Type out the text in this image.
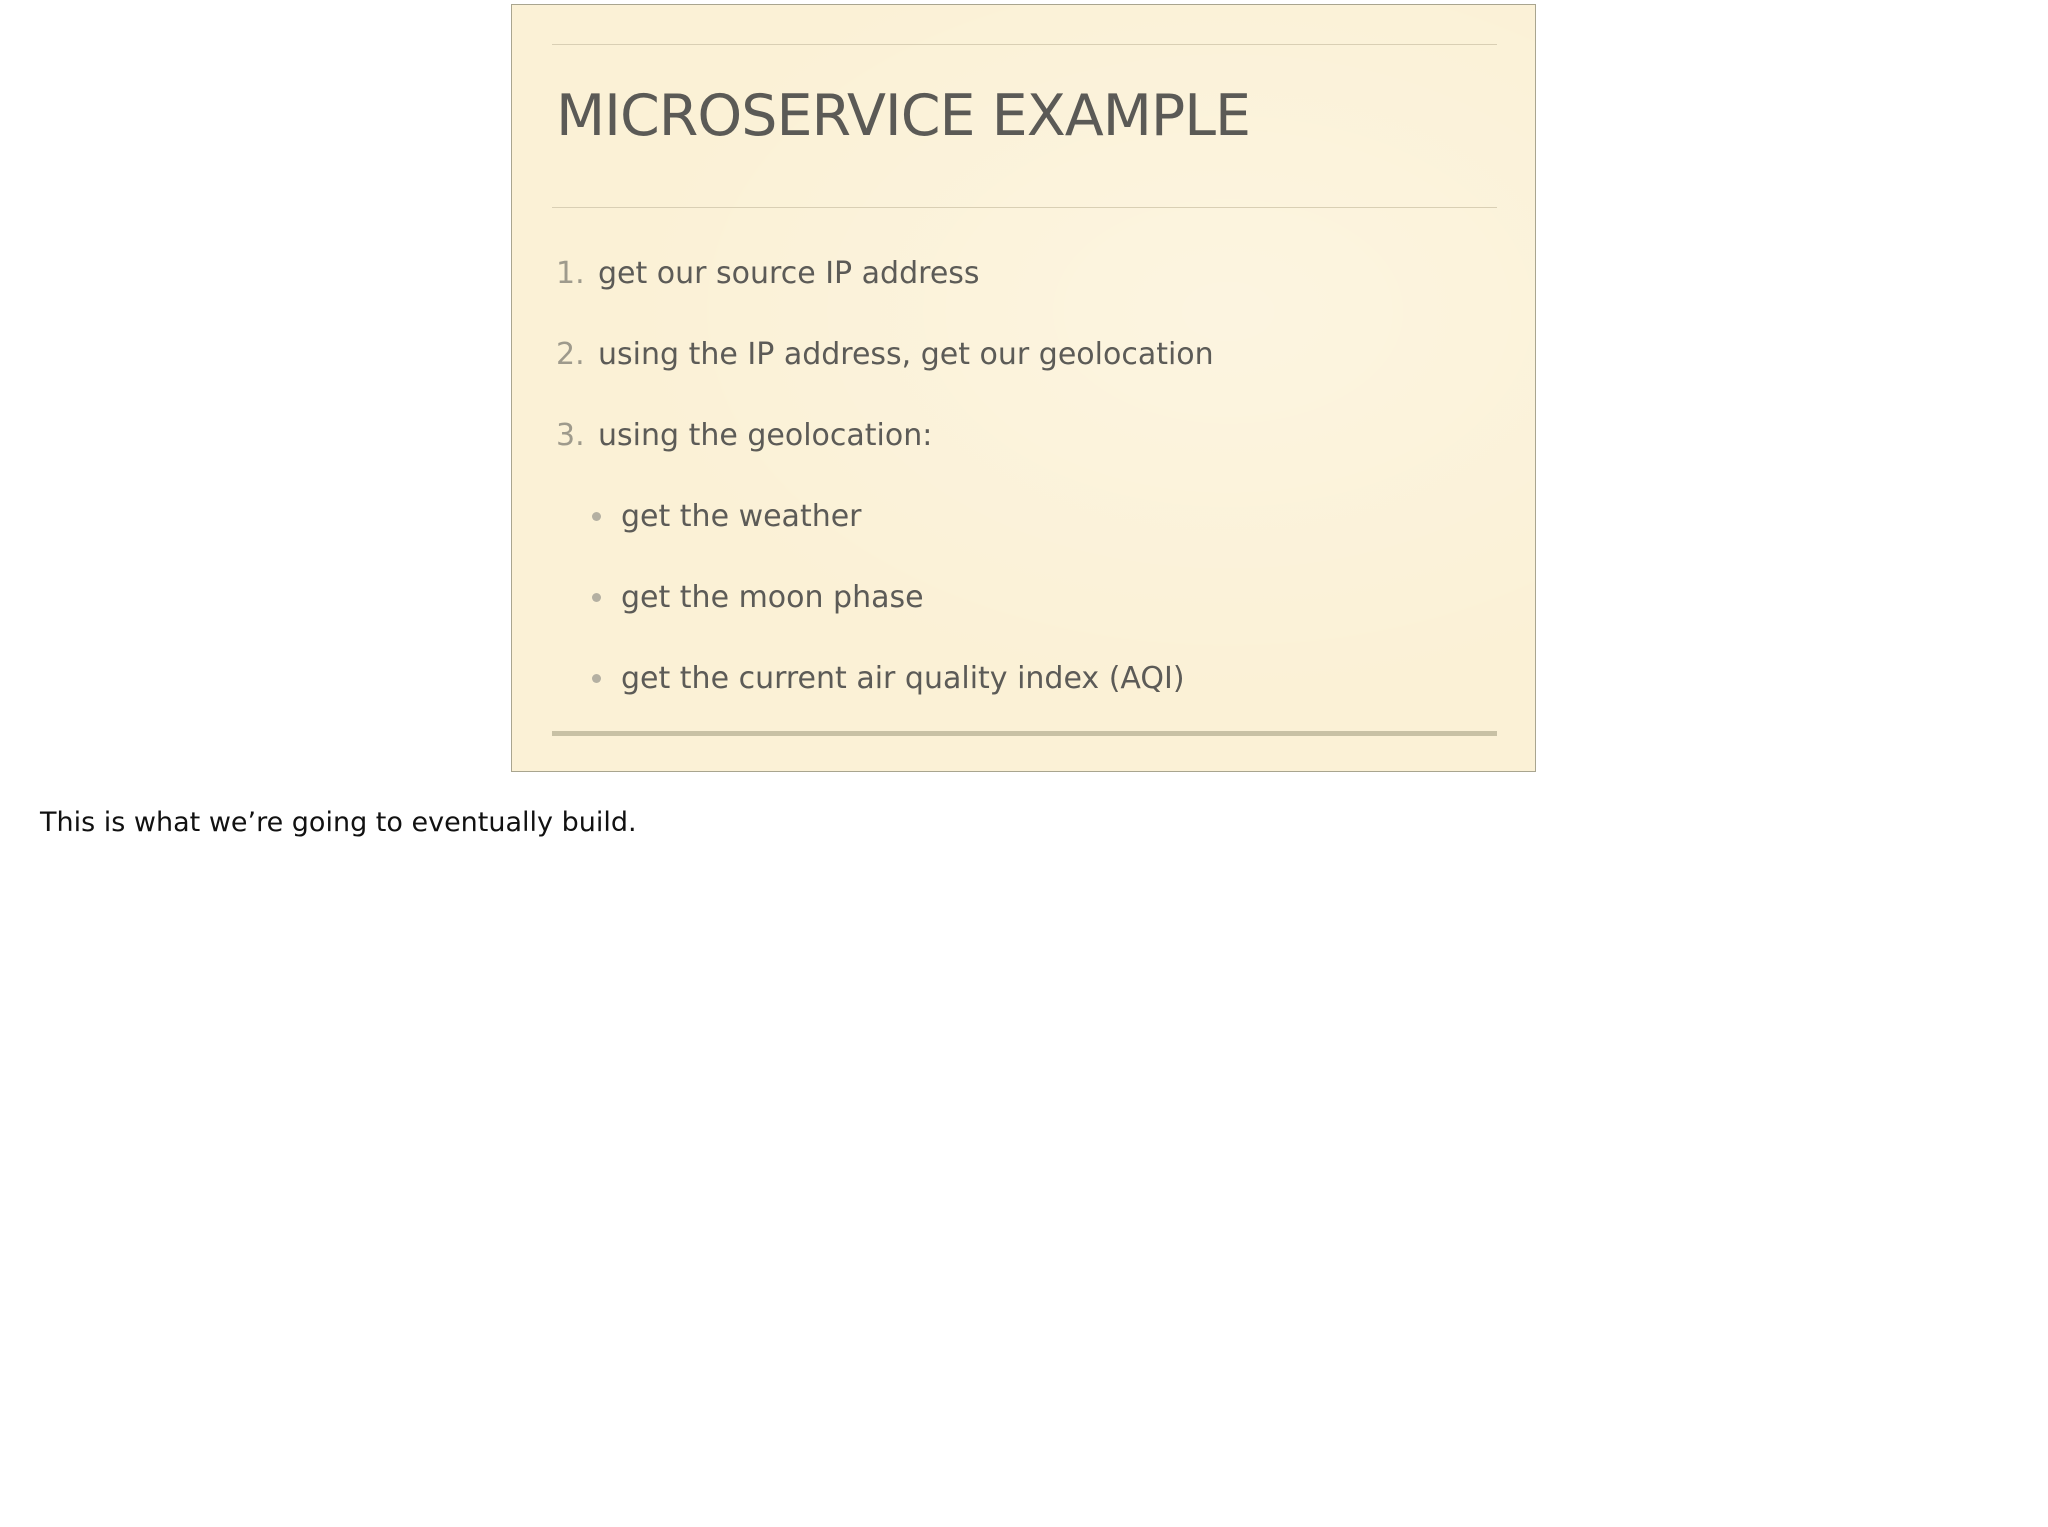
MICROSERVICE EXAMPLE
1. get our source IP address
2. using the IP address, get our geolocation
3. using the geolocation:
get the weather
get the moon phase
get the current air quality index (AQI)
This is what we’re going to eventually build.
